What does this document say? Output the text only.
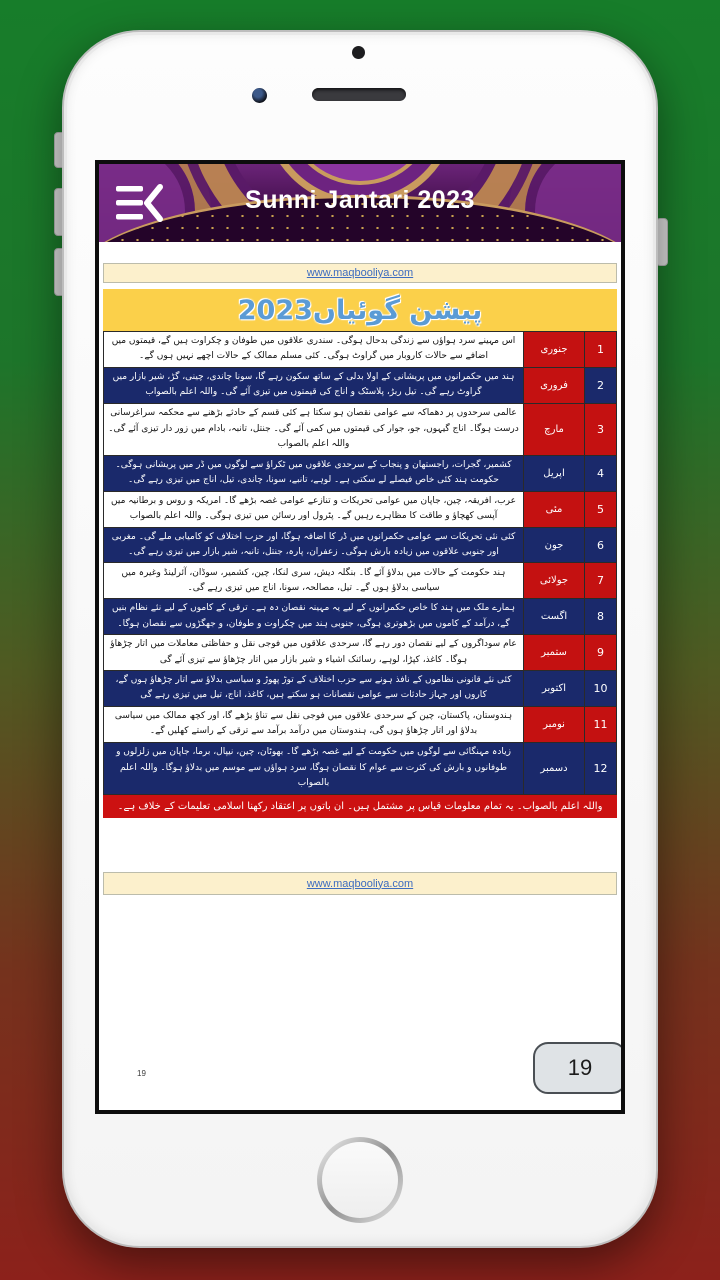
Sunni Jantari 2023
www.maqbooliya.com
پیشن گوئیاں2023
1	جنوری	اس مہینے سرد ہواؤں سے زندگی بدحال ہوگی۔ سندری علاقوں میں طوفان و چکراوت ہیں گے، قیمتوں میں اضافے سے حالات کاروبار میں گراوٹ ہوگی۔ کئی مسلم ممالک کے حالات اچھے نہیں ہوں گے۔
2	فروری	ہند میں حکمرانوں میں پریشانی کے اولا بدلی کے ساتھ سکون رہے گا، سونا چاندی، چینی، گڑ، شیر بازار میں گراوٹ رہے گی۔ تیل ربڑ، پلاسٹک و اناج کی قیمتوں میں تیزی آئے گی۔ واللہ اعلم بالصواب
3	مارچ	عالمی سرحدوں پر دھماکہ سے عوامی نقصان ہو سکتا ہے کئی قسم کے حادثے بڑھنے سے محکمہ سراغرسانی درست ہوگا۔ اناج گیہوں، جو، جوار کی قیمتوں میں کمی آئے گی۔ جنتل، تانبہ، بادام میں زور دار تیزی آئے گی۔ واللہ اعلم بالصواب
4	اپریل	کشمیر، گجرات، راجستھان و پنجاب کے سرحدی علاقوں میں ٹکراؤ سے لوگوں میں ڈر میں پریشانی ہوگی۔ حکومت ہند کئی خاص فیصلے لے سکتی ہے۔ لوہے، تانبے، سونا، چاندی، تیل، اناج میں تیزی رہے گی۔
5	مئی	عرب، افریقہ، چین، جاپان میں عوامی تحریکات و تنازعے عوامی غصہ بڑھے گا۔ امریکہ و روس و برطانیہ میں آپسی کھچاؤ و طاقت کا مظاہرے رہیں گے۔ پٹرول اور رسائن میں تیزی ہوگی۔ واللہ اعلم بالصواب
6	جون	کئی نئی تحریکات سے عوامی حکمرانوں میں ڈر کا اضافہ ہوگا، اور حزب اختلاف کو کامیابی ملے گی۔ مغربی اور جنوبی علاقوں میں زیادہ بارش ہوگی۔ زعفران، پارہ، جنتل، تانبہ، شیر بازار میں تیزی رہے گی۔
7	جولائی	ہند حکومت کے حالات میں بدلاؤ آئے گا۔ بنگلہ دیش، سری لنکا، چین، کشمیر، سوڈان، آئرلینڈ وغیرہ میں سیاسی بدلاؤ ہوں گے۔ تیل، مصالحہ، سونا، اناج میں تیزی رہے گی۔
8	اگست	ہمارے ملک میں ہند کا خاص حکمرانوں کے لیے یہ مہینہ نقصان دہ ہے۔ ترقی کے کاموں کے لیے نئے نظام بنیں گے، درآمد کے کاموں میں بڑھوتری ہوگی، جنوبی ہند میں چکراوت و طوفان، و جھگڑوں سے نقصان ہوگا۔
9	ستمبر	عام سوداگروں کے لیے نقصان دور رہے گا، سرحدی علاقوں میں فوجی نقل و حفاظتی معاملات میں اتار چڑھاؤ ہوگا۔ کاغذ، کپڑا، لوہے، رسائنک اشیاء و شیر بازار میں اتار چڑھاؤ سے تیزی آئے گی
10	اکتوبر	کئی نئے قانونی نظاموں کے نافذ ہونے سے حزب اختلاف کے توڑ پھوڑ و سیاسی بدلاؤ سے اتار چڑھاؤ ہوں گے، کاروں اور جہاز حادثات سے عوامی نقصانات ہو سکتے ہیں، کاغذ، اناج، تیل میں تیزی رہے گی
11	نومبر	ہندوستان، پاکستان، چین کے سرحدی علاقوں میں فوجی نقل سے تناؤ بڑھے گا، اور کچھ ممالک میں سیاسی بدلاؤ اور اتار چڑھاؤ ہوں گی، ہندوستان میں درآمد برآمد سے ترقی کے راستے کھلیں گے۔
12	دسمبر	زیادہ مہنگائی سے لوگوں میں حکومت کے لیے غصہ بڑھے گا۔ بھوٹان، چین، نیپال، برما، جاپان میں زلزلوں و طوفانوں و بارش کی کثرت سے عوام کا نقصان ہوگا، سرد ہواؤں سے موسم میں بدلاؤ ہوگا۔ واللہ اعلم بالصواب
واللہ اعلم بالصواب۔ یہ تمام معلومات قیاس پر مشتمل ہیں۔ ان باتوں پر اعتقاد رکھنا اسلامی تعلیمات کے خلاف ہے۔
www.maqbooliya.com
19	19
